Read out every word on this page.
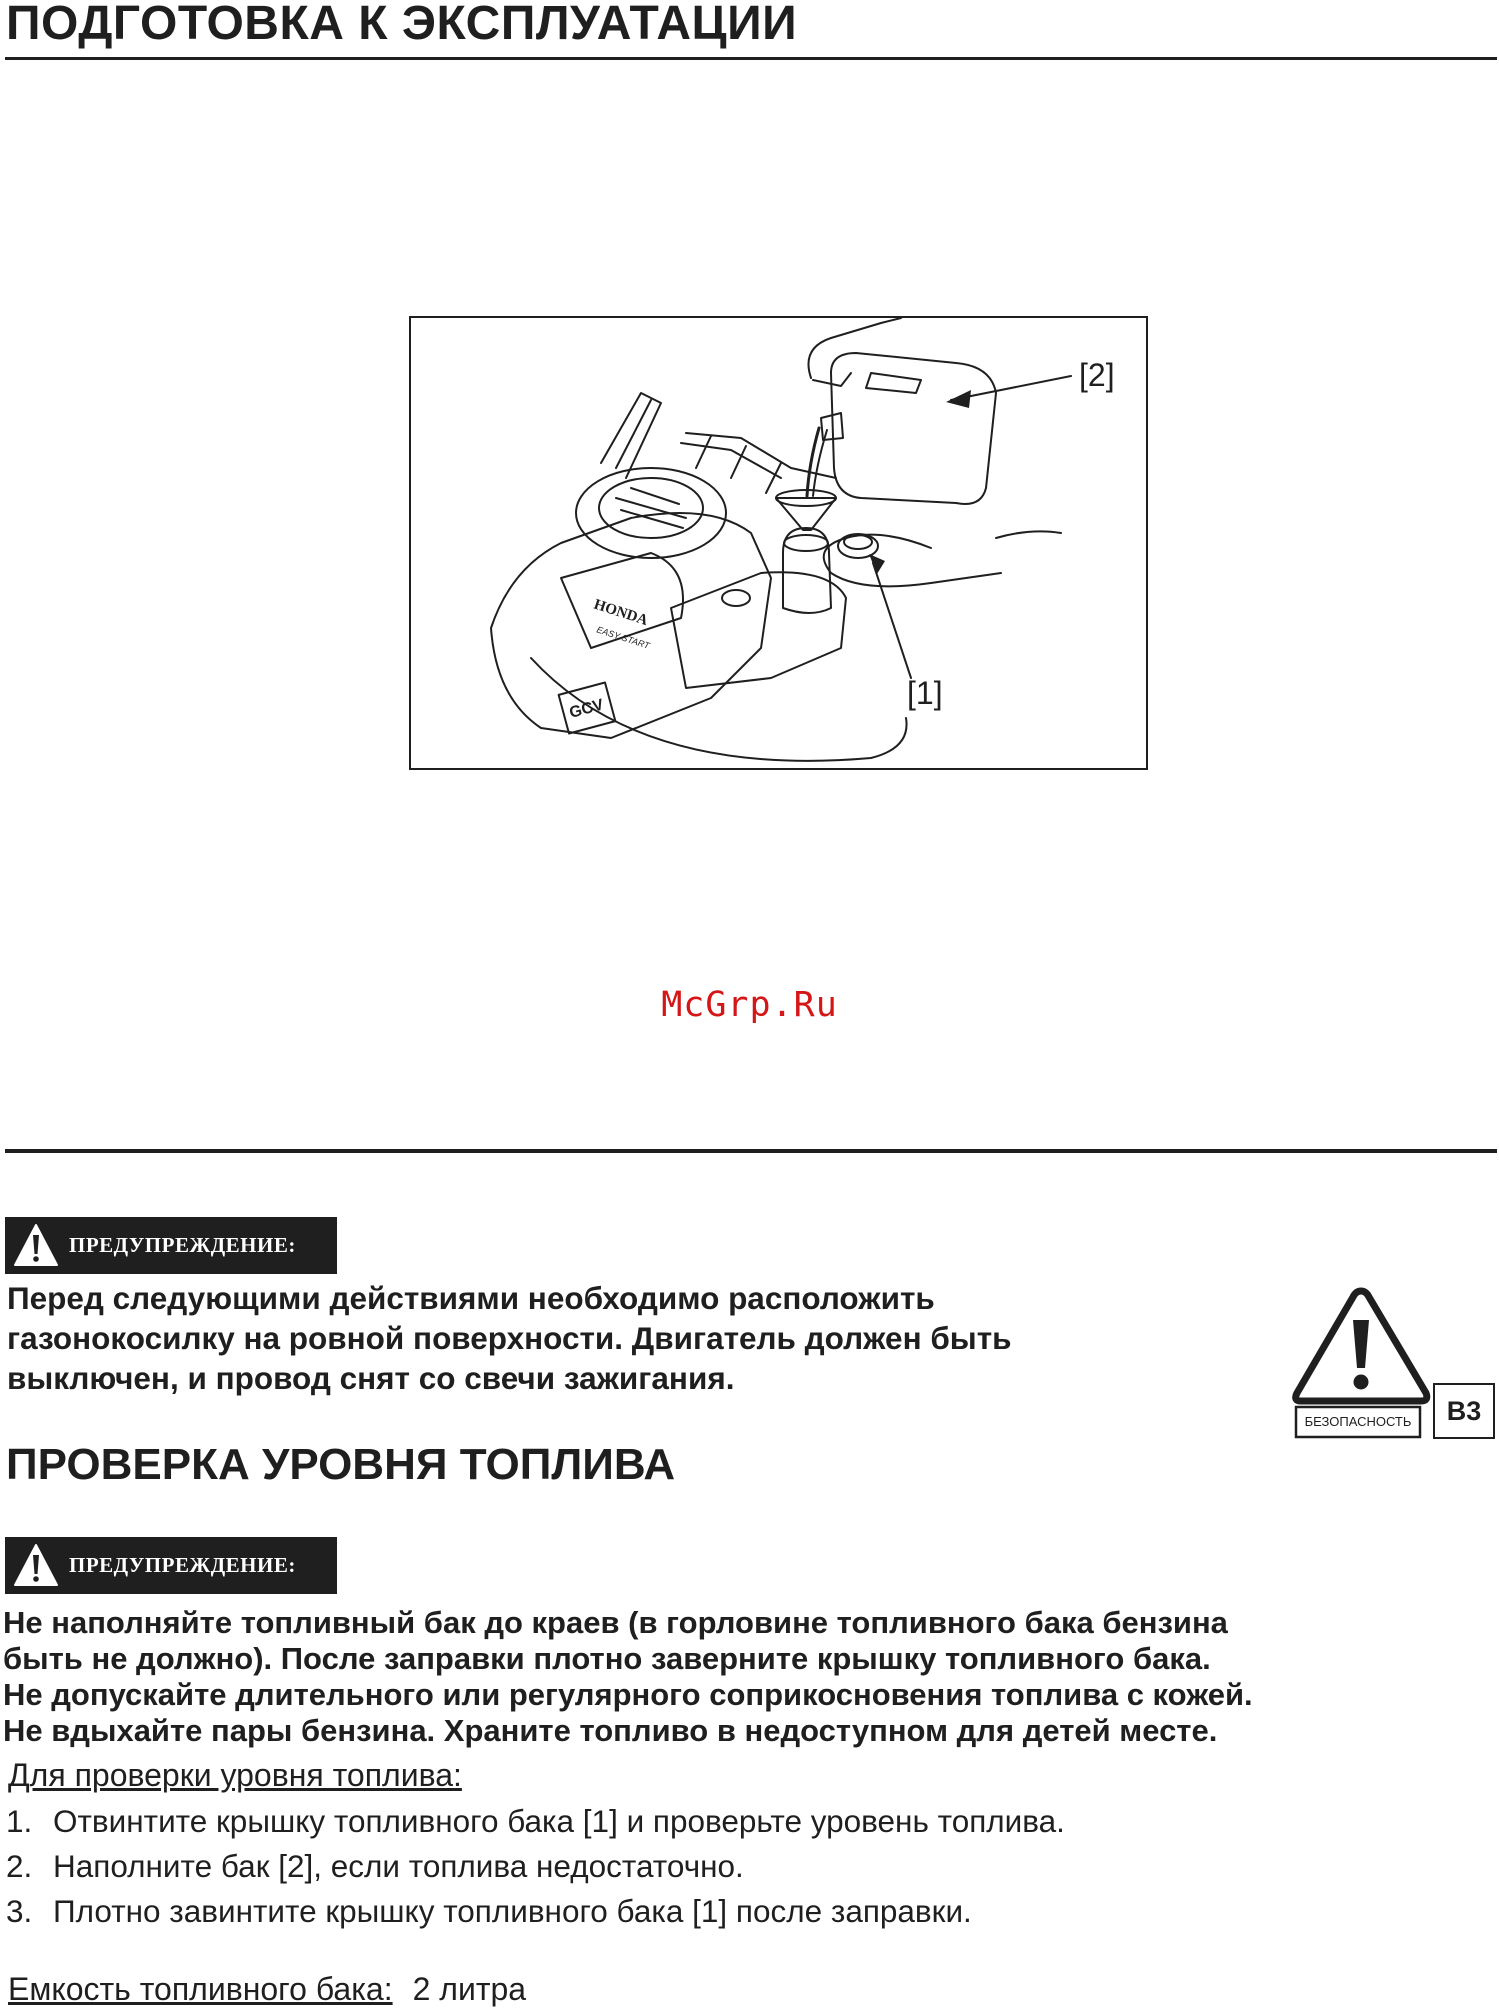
ПОДГОТОВКА К ЭКСПЛУАТАЦИИ
HONDA
EASY START
GCV
[2]
[1]
McGrp.Ru
ПРЕДУПРЕЖДЕНИЕ:
Перед следующими действиями необходимо расположить
газонокосилку на ровной поверхности. Двигатель должен быть
выключен, и провод снят со свечи зажигания.
БЕЗОПАСНОСТЬ	B3
ПРОВЕРКА УРОВНЯ ТОПЛИВА
ПРЕДУПРЕЖДЕНИЕ:
Не наполняйте топливный бак до краев (в горловине топливного бака бензина
быть не должно). После заправки плотно заверните крышку топливного бака.
Не допускайте длительного или регулярного соприкосновения топлива с кожей.
Не вдыхайте пары бензина. Храните топливо в недоступном для детей месте.
Для проверки уровня топлива:
1. Отвинтите крышку топливного бака [1] и проверьте уровень топлива.
2. Наполните бак [2], если топлива недостаточно.
3. Плотно завинтите крышку топливного бака [1] после заправки.
Емкость топливного бака: 2 литра
